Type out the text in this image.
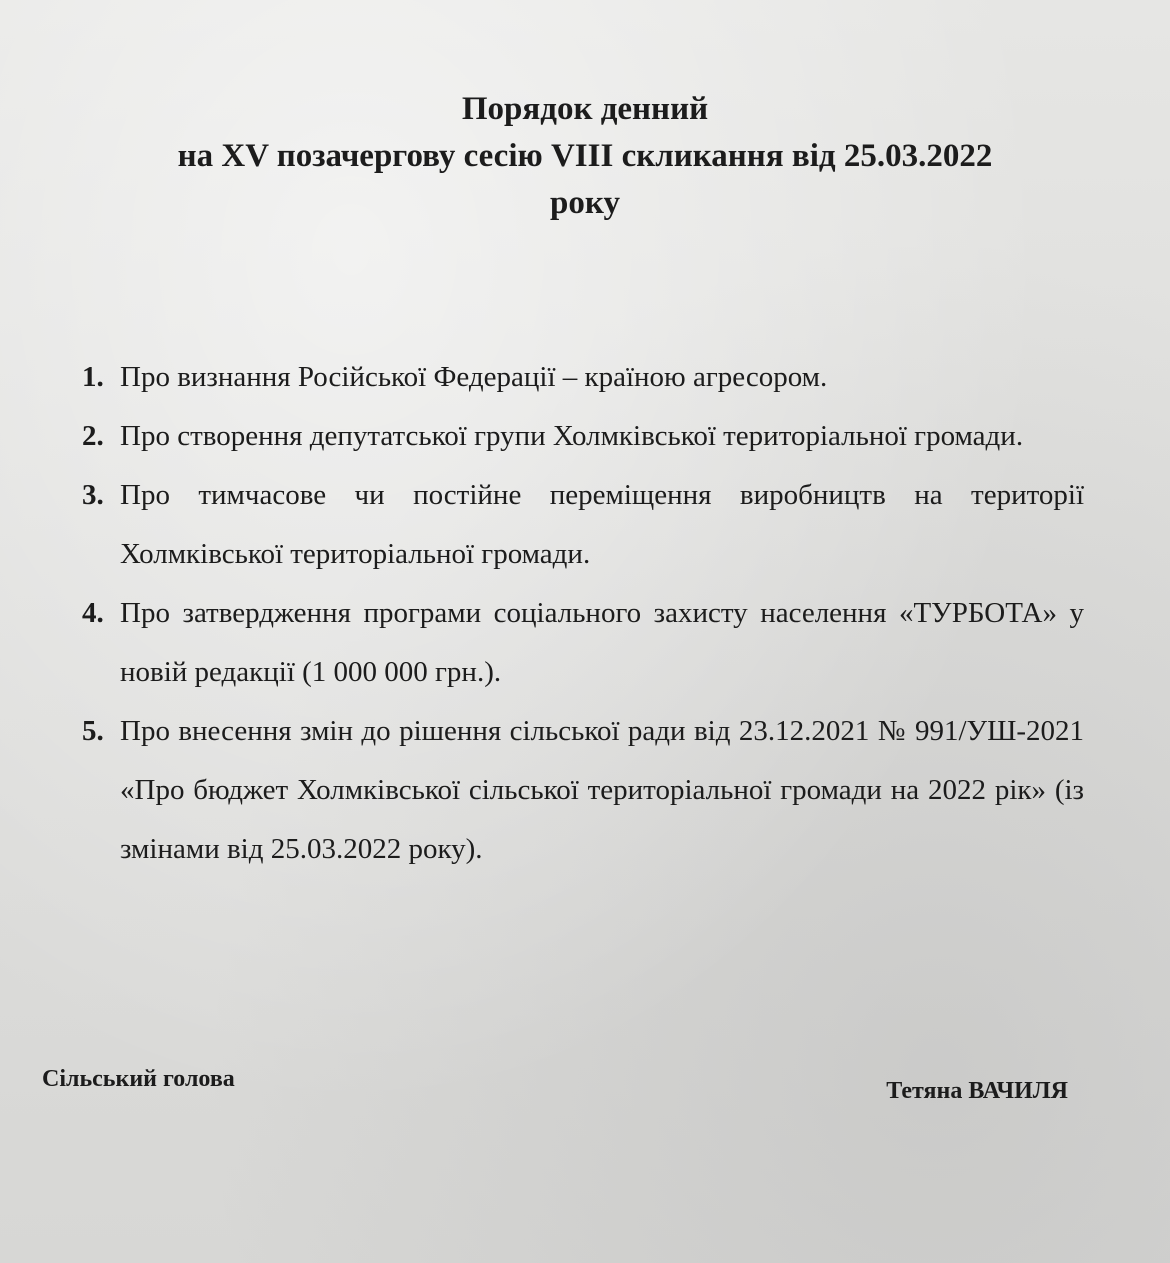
Порядок денний
на XV позачергову сесію VIII скликання від 25.03.2022
року
1. Про визнання Російської Федерації – країною агресором.
2. Про створення депутатської групи Холмківської територіальної громади.
3. Про тимчасове чи постійне переміщення виробництв на території Холмківської територіальної громади.
4. Про затвердження програми соціального захисту населення «ТУРБОТА» у новій редакції (1 000 000 грн.).
5. Про внесення змін до рішення сільської ради від 23.12.2021 № 991/УШ-2021 «Про бюджет Холмківської сільської територіальної громади на 2022 рік» (із змінами від 25.03.2022 року).
Сільський голова	Тетяна ВАЧИЛЯ
